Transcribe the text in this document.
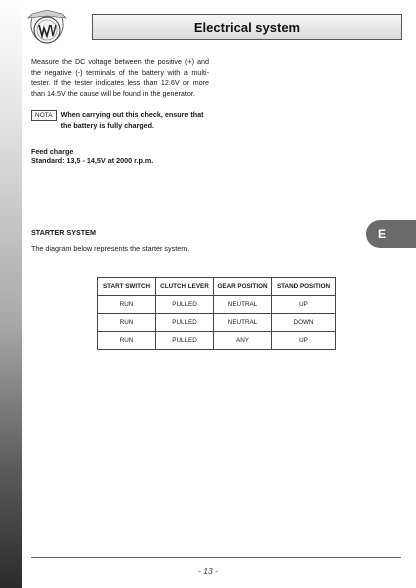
Electrical system
Measure the DC voltage between the positive (+) and the negative (-) terminals of the battery with a multi-tester. If the tester indicates less than 12.6V or more than 14.5V the cause will be found in the generator.
NOTA	When carrying out this check, ensure that the battery is fully charged.
Feed charge
Standard: 13,5 - 14,5V at 2000 r.p.m.
E
STARTER SYSTEM
The diagram below represents the starter system.
START SWITCH	CLUTCH LEVER	GEAR POSITION	STAND POSITION
RUN	PULLED	NEUTRAL	UP
RUN	PULLED	NEUTRAL	DOWN
RUN	PULLED	ANY	UP
- 13 -
